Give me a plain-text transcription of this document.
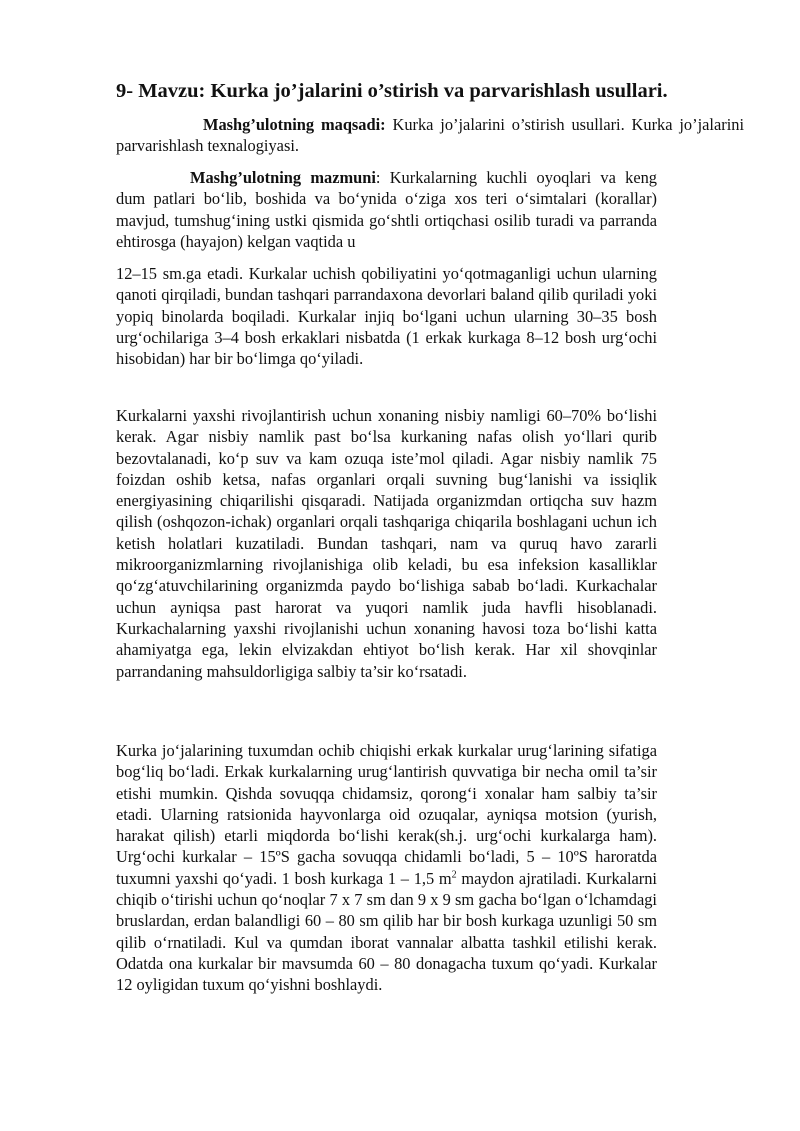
9- Mavzu: Kurka jo’jalarini o’stirish va parvarishlash usullari.
Mashg’ulotning maqsadi: Kurka jo’jalarini o’stirish usullari. Kurka jo’jalarini parvarishlash texnalogiyasi.
Mashg’ulotning mazmuni: Kurkalarning kuchli oyoqlari va keng dum patlari bo‘lib, boshida va bo‘ynida o‘ziga xos teri o‘simtalari (korallar) mavjud, tumshug‘ining ustki qismida go‘shtli ortiqchasi osilib turadi va parranda ehtirosga (hayajon) kelgan vaqtida u
12–15 sm.ga etadi. Kurkalar uchish qobiliyatini yo‘qotmaganligi uchun ularning qanoti qirqiladi, bundan tashqari parrandaxona devorlari baland qilib quriladi yoki yopiq binolarda boqiladi. Kurkalar injiq bo‘lgani uchun ularning 30–35 bosh urg‘ochilariga 3–4 bosh erkaklari nisbatda (1 erkak kurkaga 8–12 bosh urg‘ochi hisobidan) har bir bo‘limga qo‘yiladi.
Kurkalarni yaxshi rivojlantirish uchun xonaning nisbiy namligi 60–70% bo‘lishi kerak. Agar nisbiy namlik past bo‘lsa kurkaning nafas olish yo‘llari qurib bezovtalanadi, ko‘p suv va kam ozuqa iste’mol qiladi. Agar nisbiy namlik 75 foizdan oshib ketsa, nafas organlari orqali suvning bug‘lanishi va issiqlik energiyasining chiqarilishi qisqaradi. Natijada organizmdan ortiqcha suv hazm qilish (oshqozon-ichak) organlari orqali tashqariga chiqarila boshlagani uchun ich ketish holatlari kuzatiladi. Bundan tashqari, nam va quruq havo zararli mikroorganizmlarning rivojlanishiga olib keladi, bu esa infeksion kasalliklar qo‘zg‘atuvchilarining organizmda paydo bo‘lishiga sabab bo‘ladi. Kurkachalar uchun ayniqsa past harorat va yuqori namlik juda havfli hisoblanadi. Kurkachalarning yaxshi rivojlanishi uchun xonaning havosi toza bo‘lishi katta ahamiyatga ega, lekin elvizakdan ehtiyot bo‘lish kerak. Har xil shovqinlar parrandaning mahsuldorligiga salbiy ta’sir ko‘rsatadi.
Kurka jo‘jalarining tuxumdan ochib chiqishi erkak kurkalar urug‘larining sifatiga bog‘liq bo‘ladi. Erkak kurkalarning urug‘lantirish quvvatiga bir necha omil ta’sir etishi mumkin. Qishda sovuqqa chidamsiz, qorong‘i xonalar ham salbiy ta’sir etadi. Ularning ratsionida hayvonlarga oid ozuqalar, ayniqsa motsion (yurish, harakat qilish) etarli miqdorda bo‘lishi kerak(sh.j. urg‘ochi kurkalarga ham). Urg‘ochi kurkalar – 15ºS gacha sovuqqa chidamli bo‘ladi, 5 – 10ºS haroratda tuxumni yaxshi qo‘yadi. 1 bosh kurkaga 1 – 1,5 $m^2$ maydon ajratiladi. Kurkalarni chiqib o‘tirishi uchun qo‘noqlar 7 x 7 sm dan 9 x 9 sm gacha bo‘lgan o‘lchamdagi bruslardan, erdan balandligi 60 – 80 sm qilib har bir bosh kurkaga uzunligi 50 sm qilib o‘rnatiladi. Kul va qumdan iborat vannalar albatta tashkil etilishi kerak. Odatda ona kurkalar bir mavsumda 60 – 80 donagacha tuxum qo‘yadi. Kurkalar 12 oyligidan tuxum qo‘yishni boshlaydi.
